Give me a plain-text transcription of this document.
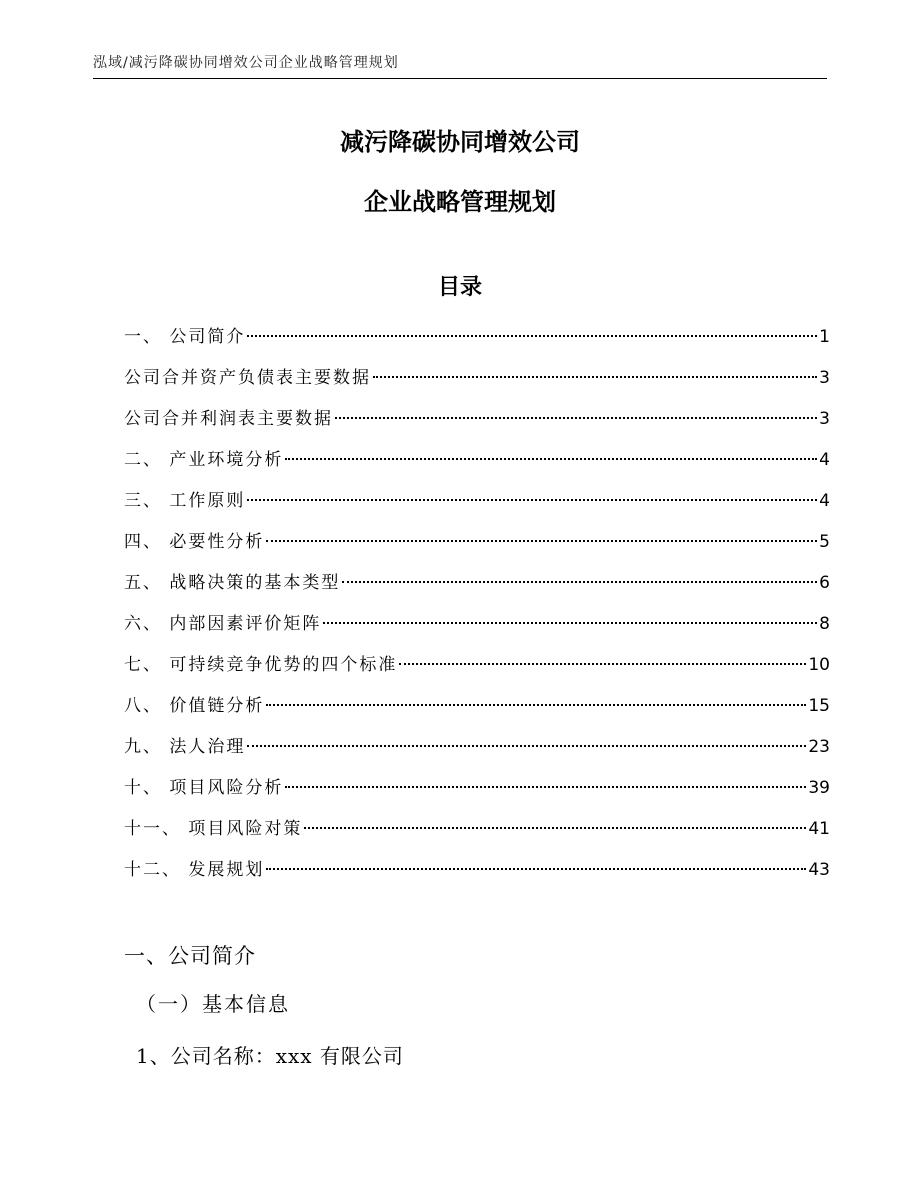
泓域/减污降碳协同增效公司企业战略管理规划
减污降碳协同增效公司
企业战略管理规划
目录
一、 公司简介	1
公司合并资产负债表主要数据	3
公司合并利润表主要数据	3
二、 产业环境分析	4
三、 工作原则	4
四、 必要性分析	5
五、 战略决策的基本类型	6
六、 内部因素评价矩阵	8
七、 可持续竞争优势的四个标准	10
八、 价值链分析	15
九、 法人治理	23
十、 项目风险分析	39
十一、 项目风险对策	41
十二、 发展规划	43
一、公司简介
（一）基本信息
1、公司名称：xxx 有限公司
